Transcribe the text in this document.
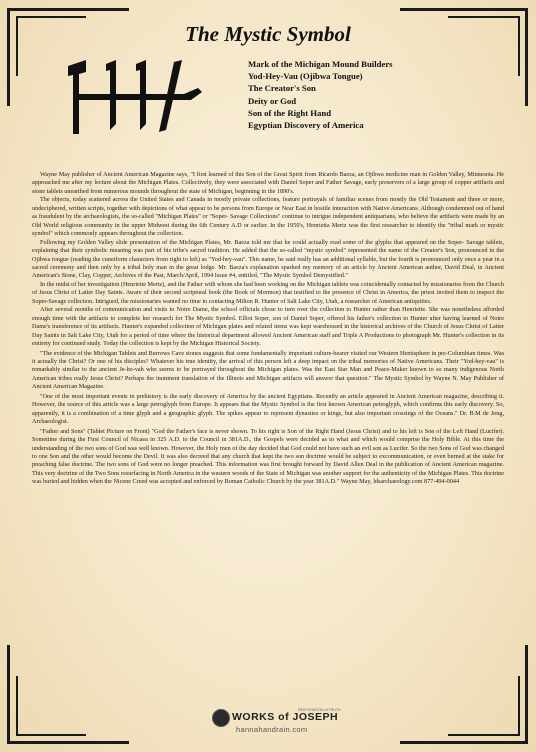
The Mystic Symbol
Mark of the Michigan Mound Builders
Yod-Hey-Vau (Ojibwa Tongue)
The Creator's Son
Deity or God
Son of the Right Hand
Egyptian Discovery of America

Wayne May publisher of Ancient American Magazine says, "I first learned of this Son of the Great Spirit from Ricardo Baeza, an Ojibwa medicine man in Golden Valley, Minnesota. He approached me after my lecture about the Michigan Plates. Collectively, they were associated with Daniel Soper and Father Savage, early preservers of a large group of copper artifacts and stone tablets unearthed from numerous mounds throughout the state of Michigan, beginning in the 1890's.

The objects, today scattered across the United States and Canada in mostly private collections, feature portrayals of familiar scenes from mostly the Old Testament and three or more, undeciphered, written scripts, together with depictions of what appear to be persons from Europe or Near East in hostile interaction with Native Americans. Although condemned out of hand as fraudulent by the archaeologists, the so-called "Michigan Plates" or "Soper- Savage Collections" continue to intrigue independent antiquarians, who believe the artifacts were made by an Old World religious community in the upper Midwest during the 6th Century A.D or earlier. In the 1950's, Henrietta Mertz was the first researcher to identify the "tribal mark or mystic symbol" which commonly appears throughout the collection.

Following my Golden Valley slide presentation of the Michigan Plates, Mr. Baeza told me that he could actually read some of the glyphs that appeared on the Soper- Savage tablets, explaining that their symbolic meaning was part of his tribe's sacred tradition. He added that the so-called "mystic symbol" represented the name of the Creator's Son, pronounced in the Ojibwa tongue (reading the cuneiform characters from right to left) as "Yod-hey-vau". This name, he said really has an additional syllable, but the fourth is pronounced only once a year in a sacred ceremony and then only by a tribal holy man in the great lodge. Mr. Baeza's explanation sparked my memory of an article by Ancient American author, David Deal, in Ancient American's Stone, Clay, Copper, Archives of the Past, March/April, 1994 Issue #4, entitled, "The Mystic Symbol Demystified."

In the midst of her investigation (Henriette Mertz), and the Father with whom she had been working on the Michigan tablets was coincidentally contacted by missionaries from the Church of Jesus Christ of Latter Day Saints. Aware of their second scriptural book (the Book of Mormon) that testified to the presence of Christ in America, the priest invited them to inspect the Soper-Savage collection. Intrigued, the missionaries wanted no time in contacting Milton R. Hunter of Salt Lake City, Utah, a researcher of American antiquities.

After several months of communication and visits to Notre Dame, the school officials chose to turn over the collection to Hunter rather than Henriette. She was nonetheless afforded enough time with the artifacts to complete her research for The Mystic Symbol. Elliot Soper, son of Daniel Soper, offered his father's collection to Hunter after having learned of Notre Dame's transference of its artifacts. Hunter's expanded collection of Michigan plates and related items was kept warehoused in the historical archives of the Church of Jesus Christ of Latter Day Saints in Salt Lake City, Utah for a period of time where the historical department allowed Ancient American staff and Triple A Productions to photograph Mr. Hunter's collection in its entirety for continued study. Today the collection is kept by the Michigan Historical Society.

"The evidence of the Michigan Tablets and Burrows Cave stones suggests that some fundamentally important culture-bearer visited our Western Hemisphere in pre-Columbian times. Was it actually the Christ? Or one of his disciples? Whatever his true identity, the arrival of this person left a deep impact on the tribal memories of Native Americans. Their "Yod-hey-vau" is remarkably similar to the ancient Je-ho-vah who seems to be portrayed throughout the Michigan plates. Was the East Star Man and Peace-Maker known to so many indigenous North American tribes really Jesus Christ? Perhaps the imminent translation of the Illinois and Michigan artifacts will answer that question." The Mystic Symbol by Wayne N. May Publisher of Ancient American Magazine.

"One of the most important events in prehistory is the early discovery of America by the ancient Egyptians. Recently an article appeared in Ancient American magazine, describing it. However, the source of this article was a large petroglyph from Europe. It appears that the Mystic Symbol is the first known American petroglyph, which confirms this early discovery. So, apparently, it is a combination of a time glyph and a geographic glyph. The spikes appear to represent dynasties or kings, but also important crossings of the Oceans." Dr. B.M de Jong, Archaeologist.

"Father and Sons" (Tablet Picture on Front) "God the Father's face is never shown. To his right is Son of the Right Hand (Jesus Christ) and to his left is Son of the Left Hand (Lucifer). Sometime during the First Council of Nicaea in 325 A.D. to the Council in 381A.D., the Gospels were decided as to what and which would comprise the Holy Bible. At this time the understanding of the two sons of God was well known. However, the Holy men of the day decided that God could not have such an evil son as Lucifer. So the two Sons of God was changed to one Son and the other would become the Devil. It was also decreed that any church that kept the two son doctrine would be subject to excommunication, or even burned at the stake for preaching false doctrine. The two sons of God were no longer preached. This information was first brought forward by David Allen Deal in the publication of Ancient American magazine. This very doctrine of the Two Sons resurfacing in North America in the western woods of the State of Michigan was another support for the authenticity of the Michigan Plates. This doctrine was buried and hidden when the Nicene Creed was accepted and enforced by Roman Catholic Church by the year 381A.D." Wayne May, ldsarchaeology.com 877-494-0044

WORKS of JOSEPH
RESTORATION of TRUTH
hannahandrain.com
